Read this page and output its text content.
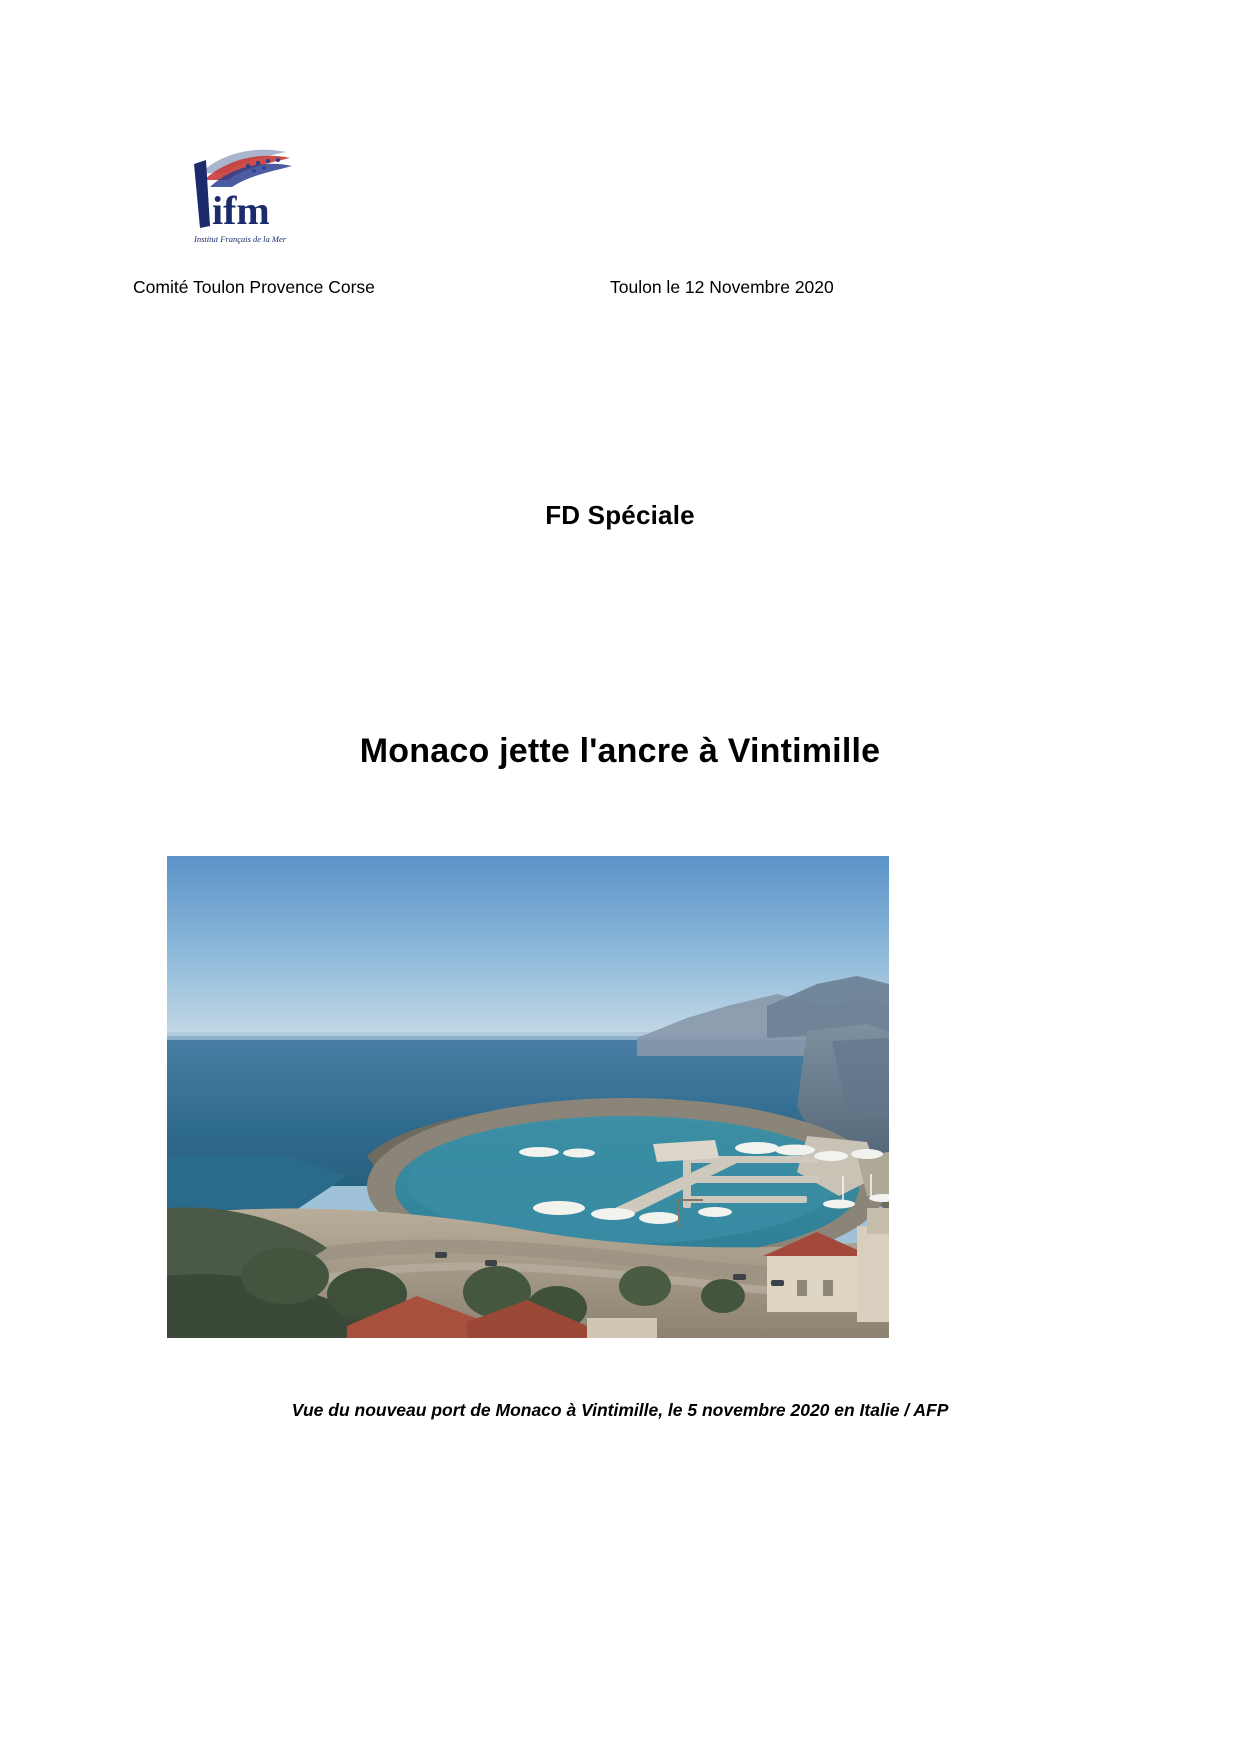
ifm
Institut Français de la Mer
Comité Toulon Provence Corse	Toulon le 12 Novembre 2020
FD Spéciale
Monaco jette l'ancre à Vintimille
Vue du nouveau port de Monaco à Vintimille, le 5 novembre 2020 en Italie / AFP
